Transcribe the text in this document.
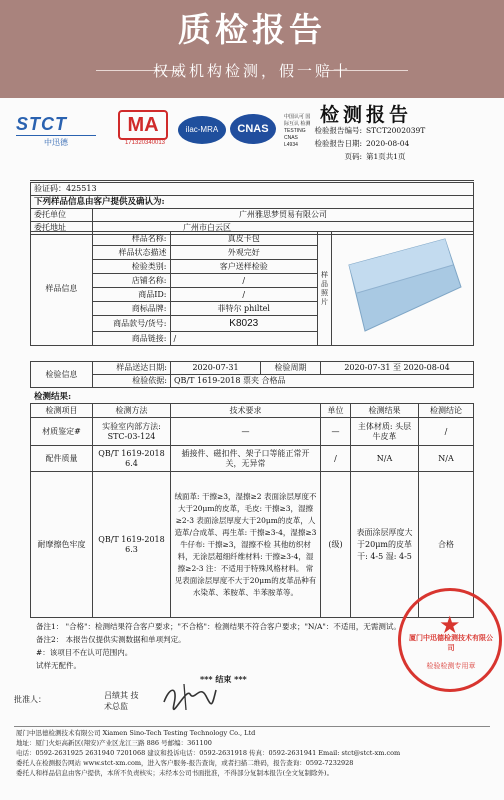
质检报告
权威机构检测，假一赔十
STCT
中迅德
MA
171320340013
ilac-MRA	CNAS
中国认可 国际互认 检测 TESTING CNAS L4934
检测报告
检验报告编号: STCT2002039T
检验报告日期: 2020-08-04
页码: 第1页共1页
验证码：425513	
下列样品信息由客户提供及确认为:	
委托单位	广州雅思梦贸易有限公司
委托地址	广州市白云区
样品信息	样品名称:	真皮卡包	样品照片	
	样品状态描述	外观完好		
	检验类别:	客户送样检验		
	店铺名称:	/		
	商品ID:	/		
	商标品牌:	菲特尔 philtel		
	商品款号/货号:	K8023		
	商品链接:	/		
检验信息	样品送达日期:	2020-07-31	检验周期	2020-07-31 至 2020-08-04
	检验依据:	QB/T 1619-2018 票夹 合格品		
检测结果:
检测项目	检测方法	技术要求	单位	检测结果	检测结论
材质鉴定#	实验室内部方法: STC-03-124	—	—	主体材质: 头层牛皮革	/
配件质量	QB/T 1619-2018 6.4	插接件、磁扣件、架子口等能正常开关，无异常	/	N/A	N/A
耐摩擦色牢度	QB/T 1619-2018 6.3	绒面革: 干擦≥3，湿擦≥2 表面涂层厚度不大于20μm的皮革，毛皮: 干擦≥3，湿擦≥2-3 表面涂层厚度大于20μm的皮革，人造革/合成革、再生革: 干擦≥3-4，湿擦≥3 牛仔布: 干擦≥3，湿擦不检 其他纺织材料，无涂层超细纤维材料: 干擦≥3-4，湿擦≥2-3 注：不适用于特殊风格材料。 常见表面涂层厚度不大于20μm的皮革品种有水染革、苯胺革、半苯胺革等。	(级)	表面涂层厚度大于20μm的皮革 干: 4-5 湿: 4-5	合格
备注1： "合格"：检测结果符合客户要求；"不合格"：检测结果不符合客户要求；"N/A"：不适用，无需测试。
备注2： 本报告仅提供实测数据和单项判定。
#：该项目不在认可范围内。
试样无配件。
*** 结束 ***
批准人：	吕绩其 技术总监
厦门中迅德检测技术有限公司 Xiamen Sino-Tech Testing Technology Co., Ltd
地址：厦门火炬高新区(翔安)产业区龙江三路 886 号邮编：361100
电话：0592-2631925 2631940 7201068 建议和投诉电话：0592-2631918 传真：0592-2631941 Email: stct@stct-xm.com
委托人在检测报告网站 www.stct-xm.com，进入客户服务-报告查询，或者扫描二维码，报告查询：0592-7232928
委托人和样品信息由客户提供，本所不负责核实；未经本公司书面批准，不得部分复制本报告(全文复制除外)。
★
厦门中迅德检测技术有限公司
检验检测专用章
